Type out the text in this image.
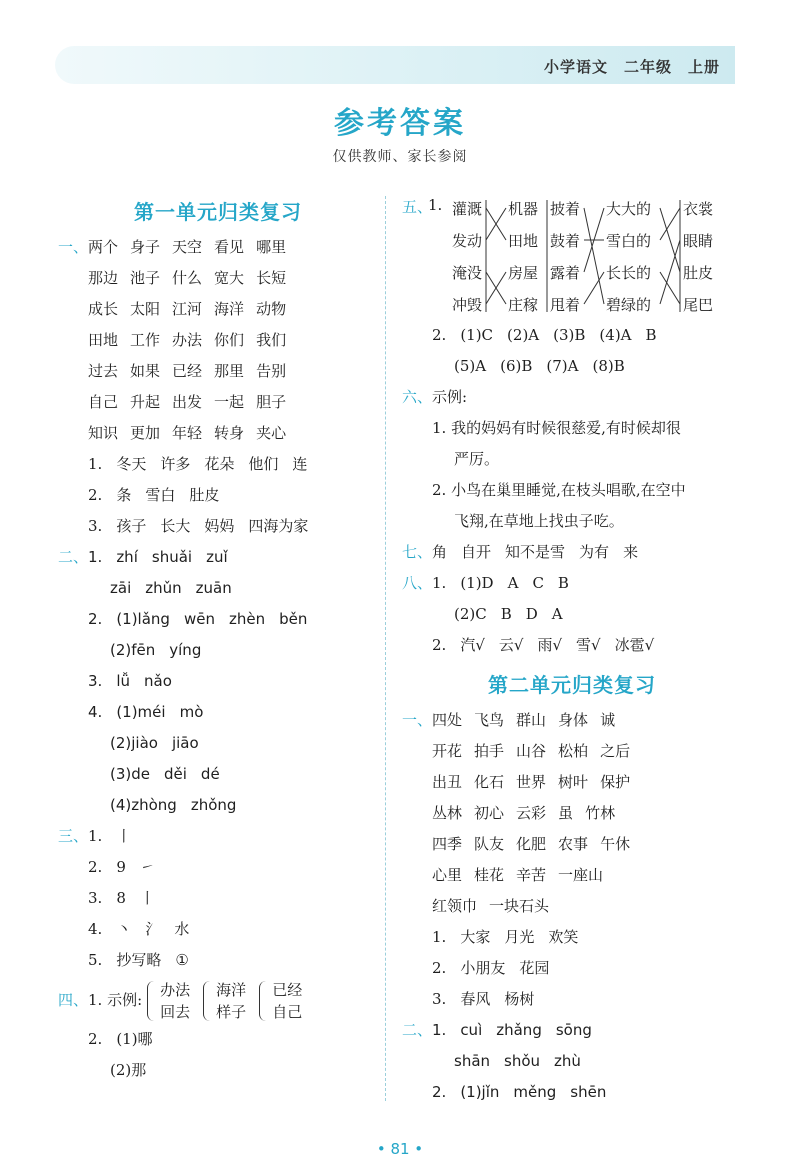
小学语文 二年级 上册
参考答案
仅供教师、家长参阅
第一单元归类复习
一、两个 身子 天空 看见 哪里
那边 池子 什么 宽大 长短
成长 太阳 江河 海洋 动物
田地 工作 办法 你们 我们
过去 如果 已经 那里 告别
自己 升起 出发 一起 胆子
知识 更加 年轻 转身 夹心
1. 冬天 许多 花朵 他们 连
2. 条 雪白 肚皮
3. 孩子 长大 妈妈 四海为家
二、1. zhí shuǎi zuǐ
zāi zhǔn zuān
2. (1)lǎng wēn zhèn běn
(2)fēn yíng
3. lǚ nǎo
4. (1)méi mò
(2)jiào jiāo
(3)de děi dé
(4)zhòng zhǒng
三、1. 丨
2. 9 ㇀
3. 8 丨
4. 丶 氵 水
5. 抄写略 ①
四、1. 示例:
办法
回去
海洋
样子
已经
自己
2. (1)哪
(2)那
五、
1. 灌溉
发动
淹没
冲毁
机器
田地
房屋
庄稼
披着
鼓着
露着
甩着
大大的
雪白的
长长的
碧绿的
衣裳
眼睛
肚皮
尾巴
2. (1)C (2)A (3)B (4)A B
(5)A (6)B (7)A (8)B
六、示例:
1. 我的妈妈有时候很慈爱,有时候却很
严厉。
2. 小鸟在巢里睡觉,在枝头唱歌,在空中
飞翔,在草地上找虫子吃。
七、角 自开 知不是雪 为有 来
八、1. (1)D A C B
(2)C B D A
2. 汽√ 云√ 雨√ 雪√ 冰雹√
第二单元归类复习
一、四处 飞鸟 群山 身体 诚
开花 拍手 山谷 松柏 之后
出丑 化石 世界 树叶 保护
丛林 初心 云彩 虽 竹林
四季 队友 化肥 农事 午休
心里 桂花 辛苦 一座山
红领巾 一块石头
1. 大家 月光 欢笑
2. 小朋友 花园
3. 春风 杨树
二、1. cuì zhǎng sōng
shān shǒu zhù
2. (1)jǐn měng shēn
• 81 •
